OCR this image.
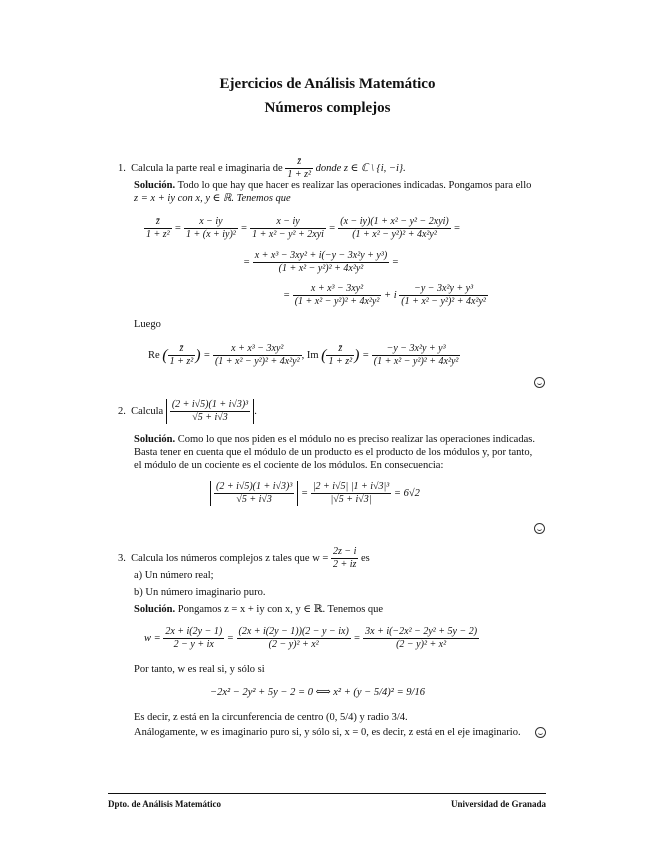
Ejercicios de Análisis Matemático
Números complejos
1. Calcula la parte real e imaginaria de $\frac{z̄}{\text{1 + z²}}$ donde z ∈ ℂ \ {i, −i}.
Solución. Todo lo que hay que hacer es realizar las operaciones indicadas. Pongamos para ello
z = x + iy con x, y ∈ ℝ. Tenemos que
$\frac{z̄}{\text{1 + z²}} = \frac{x - iy}{\text{1 + (x + iy)²}} = \frac{x - iy}{\text{1 + x² − y² + 2xyi}} = \frac{\text{(x − iy)(1 + x² − y² − 2xyi)}}{\text{(1 + x² − y²)² + 4x²y²}}$ =
= $\frac{\text{x + x³ − 3xy² + i(−y − 3x²y + y³)}}{\text{(1 + x² − y²)² + 4x²y²}}$ =
= $\frac{\text{x + x³ − 3xy²}}{\text{(1 + x² − y²)² + 4x²y²}} + i \frac{\text{−y − 3x²y + y³}}{\text{(1 + x² − y²)² + 4x²y²}}$
Luego
Re ( $\frac{z̄}{\text{1 + z²}}$ ) = $\frac{\text{x + x³ − 3xy²}}{\text{(1 + x² − y²)² + 4x²y²}}$ , Im ( $\frac{z̄}{\text{1 + z²}}$ ) = $\frac{\text{−y − 3x²y + y³}}{\text{(1 + x² − y²)² + 4x²y²}}$
2. Calcula $\frac{\text{(2 + i√5)(1 + i√3)³}}{√5 + i√3}$ .
Solución. Como lo que nos piden es el módulo no es preciso realizar las operaciones indicadas.
Basta tener en cuenta que el módulo de un producto es el producto de los módulos y, por tanto,
el módulo de un cociente es el cociente de los módulos. En consecuencia:
$\frac{\text{(2 + i√5)(1 + i√3)³}}{√5 + i√3} = \frac{\text{|2 + i√5| |1 + i√3|³}}{|√5 + i√3|} = 6√2$
3. Calcula los números complejos z tales que $w = \frac{2z - i}{2 + iz}$ es
a) Un número real;
b) Un número imaginario puro.
Solución. Pongamos z = x + iy con x, y ∈ ℝ. Tenemos que
$w = \frac{2x + i(2y - 1)}{2 - y + ix} = \frac{(2x + i(2y - 1))(2 - y - ix)}{\text{(2 − y)² + x²}} = \frac{\text{3x + i(−2x² − 2y² + 5y − 2)}}{\text{(2 − y)² + x²}}$
Por tanto, w es real si, y sólo si
−2x² − 2y² + 5y − 2 = 0 ⟺ x² + (y − 5/4)² = 9/16
Es decir, z está en la circunferencia de centro (0, 5/4) y radio 3/4.
Análogamente, w es imaginario puro si, y sólo si, x = 0, es decir, z está en el eje imaginario.
Dpto. de Análisis Matemático	Universidad de Granada
